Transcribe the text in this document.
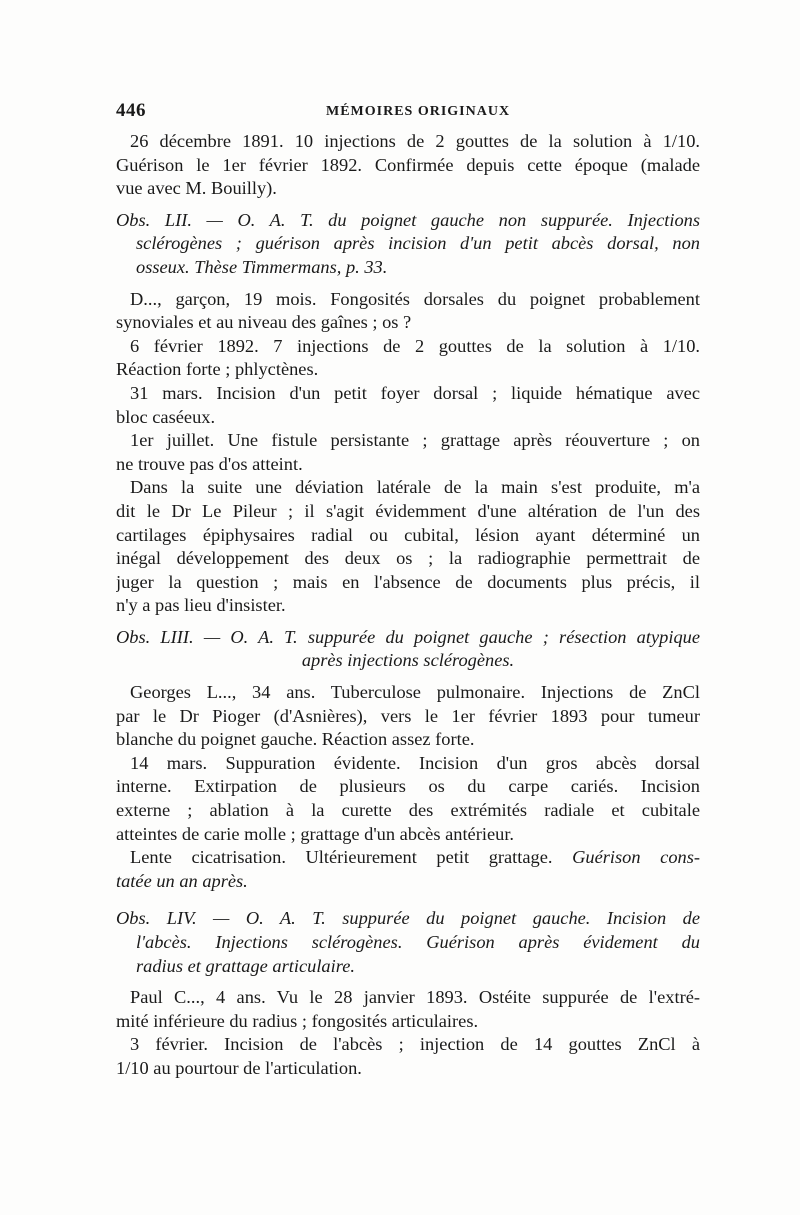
446	MÉMOIRES ORIGINAUX
26 décembre 1891. 10 injections de 2 gouttes de la solution à 1/10.
Guérison le 1er février 1892. Confirmée depuis cette époque (malade
vue avec M. Bouilly).
Obs. LII. — O. A. T. du poignet gauche non suppurée. Injections
sclérogènes ; guérison après incision d'un petit abcès dorsal, non
osseux. Thèse Timmermans, p. 33.
D..., garçon, 19 mois. Fongosités dorsales du poignet probablement
synoviales et au niveau des gaînes ; os ?
6 février 1892. 7 injections de 2 gouttes de la solution à 1/10.
Réaction forte ; phlyctènes.
31 mars. Incision d'un petit foyer dorsal ; liquide hématique avec
bloc caséeux.
1er juillet. Une fistule persistante ; grattage après réouverture ; on
ne trouve pas d'os atteint.
Dans la suite une déviation latérale de la main s'est produite, m'a
dit le Dr Le Pileur ; il s'agit évidemment d'une altération de l'un des
cartilages épiphysaires radial ou cubital, lésion ayant déterminé un
inégal développement des deux os ; la radiographie permettrait de
juger la question ; mais en l'absence de documents plus précis, il
n'y a pas lieu d'insister.
Obs. LIII. — O. A. T. suppurée du poignet gauche ; résection atypique
après injections sclérogènes.
Georges L..., 34 ans. Tuberculose pulmonaire. Injections de ZnCl
par le Dr Pioger (d'Asnières), vers le 1er février 1893 pour tumeur
blanche du poignet gauche. Réaction assez forte.
14 mars. Suppuration évidente. Incision d'un gros abcès dorsal
interne. Extirpation de plusieurs os du carpe cariés. Incision
externe ; ablation à la curette des extrémités radiale et cubitale
atteintes de carie molle ; grattage d'un abcès antérieur.
Lente cicatrisation. Ultérieurement petit grattage. Guérison cons-
tatée un an après.
Obs. LIV. — O. A. T. suppurée du poignet gauche. Incision de
l'abcès. Injections sclérogènes. Guérison après évidement du
radius et grattage articulaire.
Paul C..., 4 ans. Vu le 28 janvier 1893. Ostéite suppurée de l'extré-
mité inférieure du radius ; fongosités articulaires.
3 février. Incision de l'abcès ; injection de 14 gouttes ZnCl à
1/10 au pourtour de l'articulation.
